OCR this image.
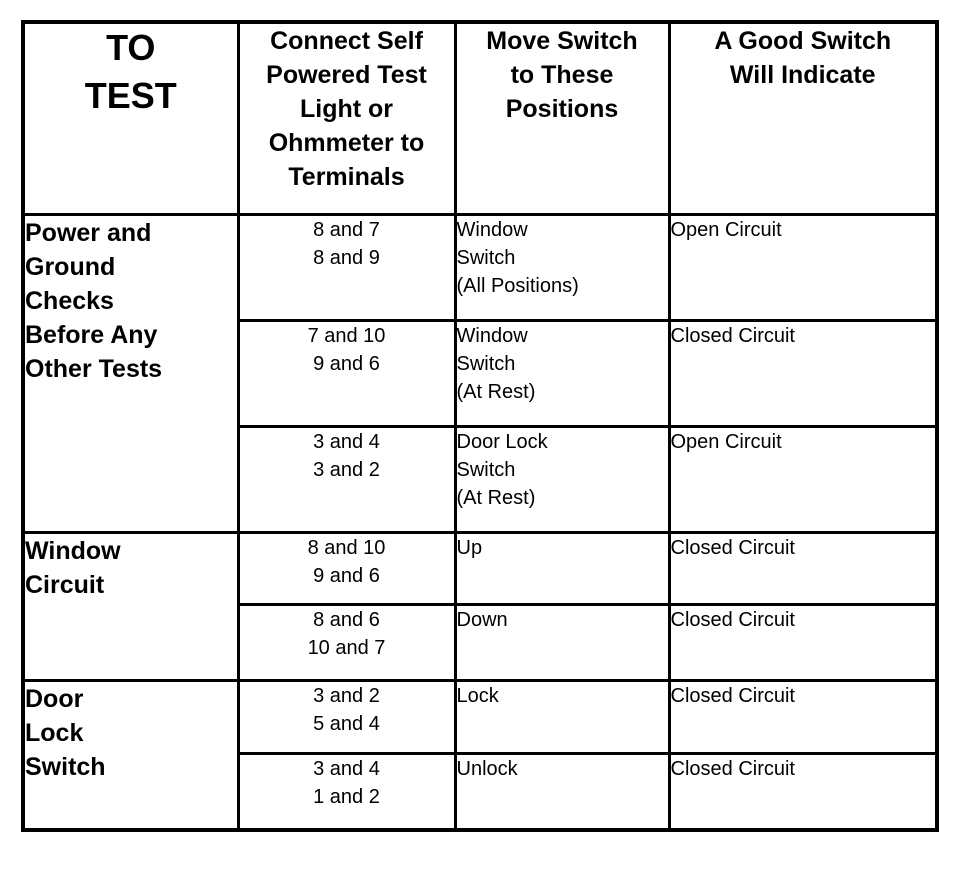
TO
TEST	Connect Self
Powered Test
Light or
Ohmmeter to
Terminals	Move Switch
to These
Positions	A Good Switch
Will Indicate

Power and
Ground
Checks
Before Any
Other Tests	8 and 7
8 and 9	Window
Switch
(All Positions)	Open Circuit

	7 and 10
9 and 6	Window
Switch
(At Rest)	Closed Circuit

	3 and 4
3 and 2	Door Lock
Switch
(At Rest)	Open Circuit

Window
Circuit	8 and 10
9 and 6	Up	Closed Circuit

	8 and 6
10 and 7	Down	Closed Circuit

Door
Lock
Switch	3 and 2
5 and 4	Lock	Closed Circuit

	3 and 4
1 and 2	Unlock	Closed Circuit
